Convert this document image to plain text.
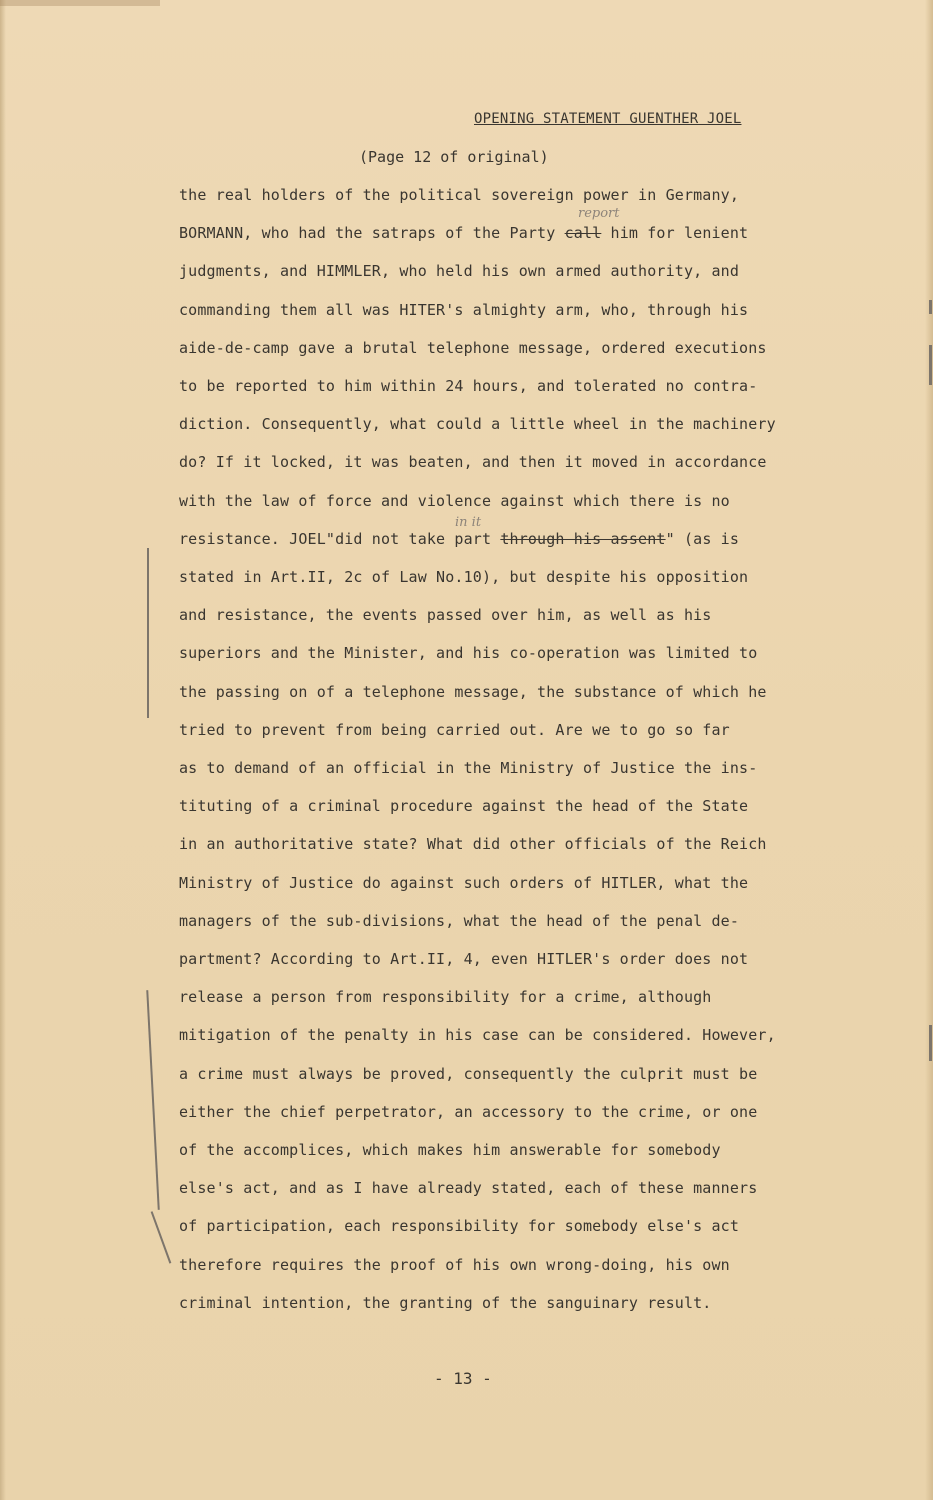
OPENING STATEMENT GUENTHER JOEL
(Page 12 of original)
the real holders of the political sovereign power in Germany,
BORMANN, who had the satraps of the Party call him for lenient
judgments, and HIMMLER, who held his own armed authority, and
commanding them all was HITER's almighty arm, who, through his
aide-de-camp gave a brutal telephone message, ordered executions
to be reported to him within 24 hours, and tolerated no contra-
diction. Consequently, what could a little wheel in the machinery
do? If it locked, it was beaten, and then it moved in accordance
with the law of force and violence against which there is no
resistance. JOEL"did not take part through his assent" (as is
stated in Art.II, 2c of Law No.10), but despite his opposition
and resistance, the events passed over him, as well as his
superiors and the Minister, and his co-operation was limited to
the passing on of a telephone message, the substance of which he
tried to prevent from being carried out. Are we to go so far
as to demand of an official in the Ministry of Justice the ins-
tituting of a criminal procedure against the head of the State
in an authoritative state? What did other officials of the Reich
Ministry of Justice do against such orders of HITLER, what the
managers of the sub-divisions, what the head of the penal de-
partment? According to Art.II, 4, even HITLER's order does not
release a person from responsibility for a crime, although
mitigation of the penalty in his case can be considered. However,
a crime must always be proved, consequently the culprit must be
either the chief perpetrator, an accessory to the crime, or one
of the accomplices, which makes him answerable for somebody
else's act, and as I have already stated, each of these manners
of participation, each responsibility for somebody else's act
therefore requires the proof of his own wrong-doing, his own
criminal intention, the granting of the sanguinary result.
report
in it
- 13 -
